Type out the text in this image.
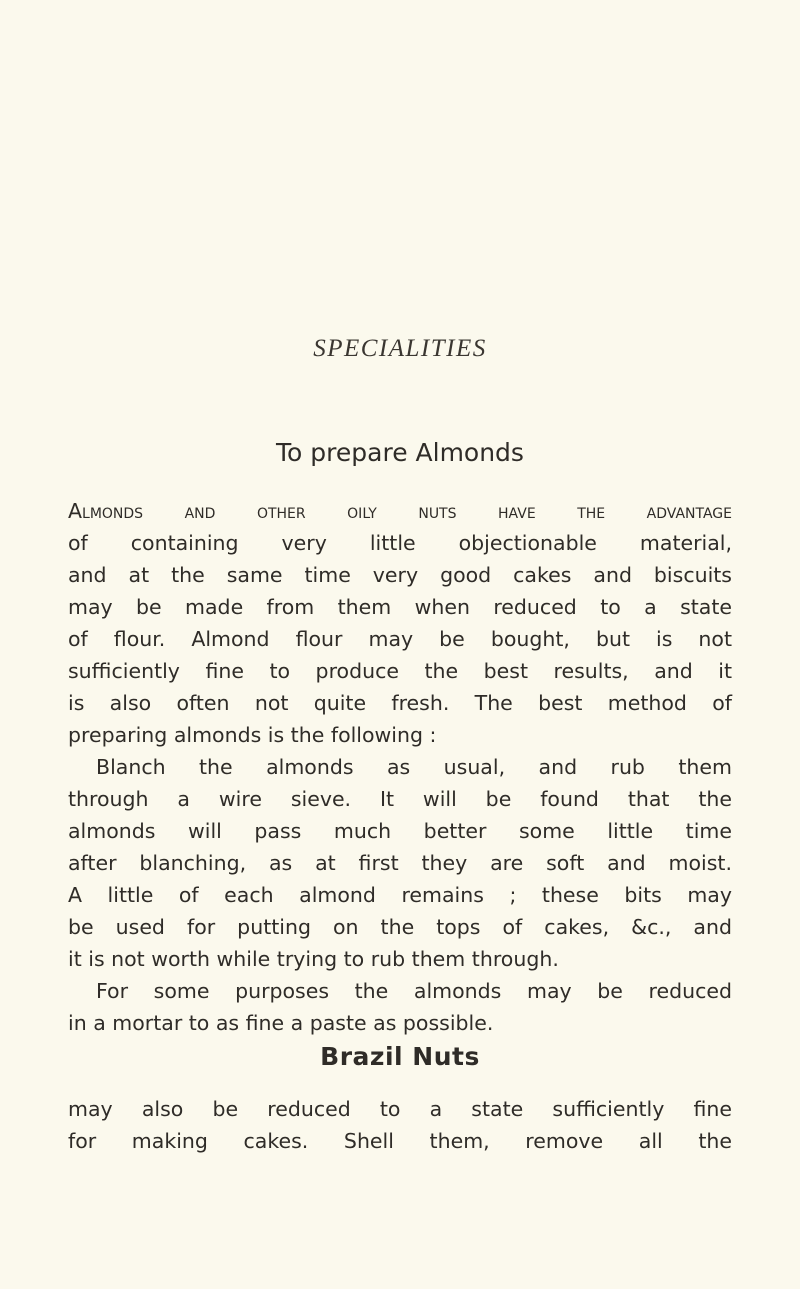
SPECIALITIES
To prepare Almonds
Almonds and other oily nuts have the advantage
of containing very little objectionable material,
and at the same time very good cakes and biscuits
may be made from them when reduced to a state
of flour. Almond flour may be bought, but is not
sufficiently fine to produce the best results, and it
is also often not quite fresh. The best method of
preparing almonds is the following :
Blanch the almonds as usual, and rub them
through a wire sieve. It will be found that the
almonds will pass much better some little time
after blanching, as at first they are soft and moist.
A little of each almond remains ; these bits may
be used for putting on the tops of cakes, &c., and
it is not worth while trying to rub them through.
For some purposes the almonds may be reduced
in a mortar to as fine a paste as possible.
Brazil Nuts
may also be reduced to a state sufficiently fine
for making cakes. Shell them, remove all the
